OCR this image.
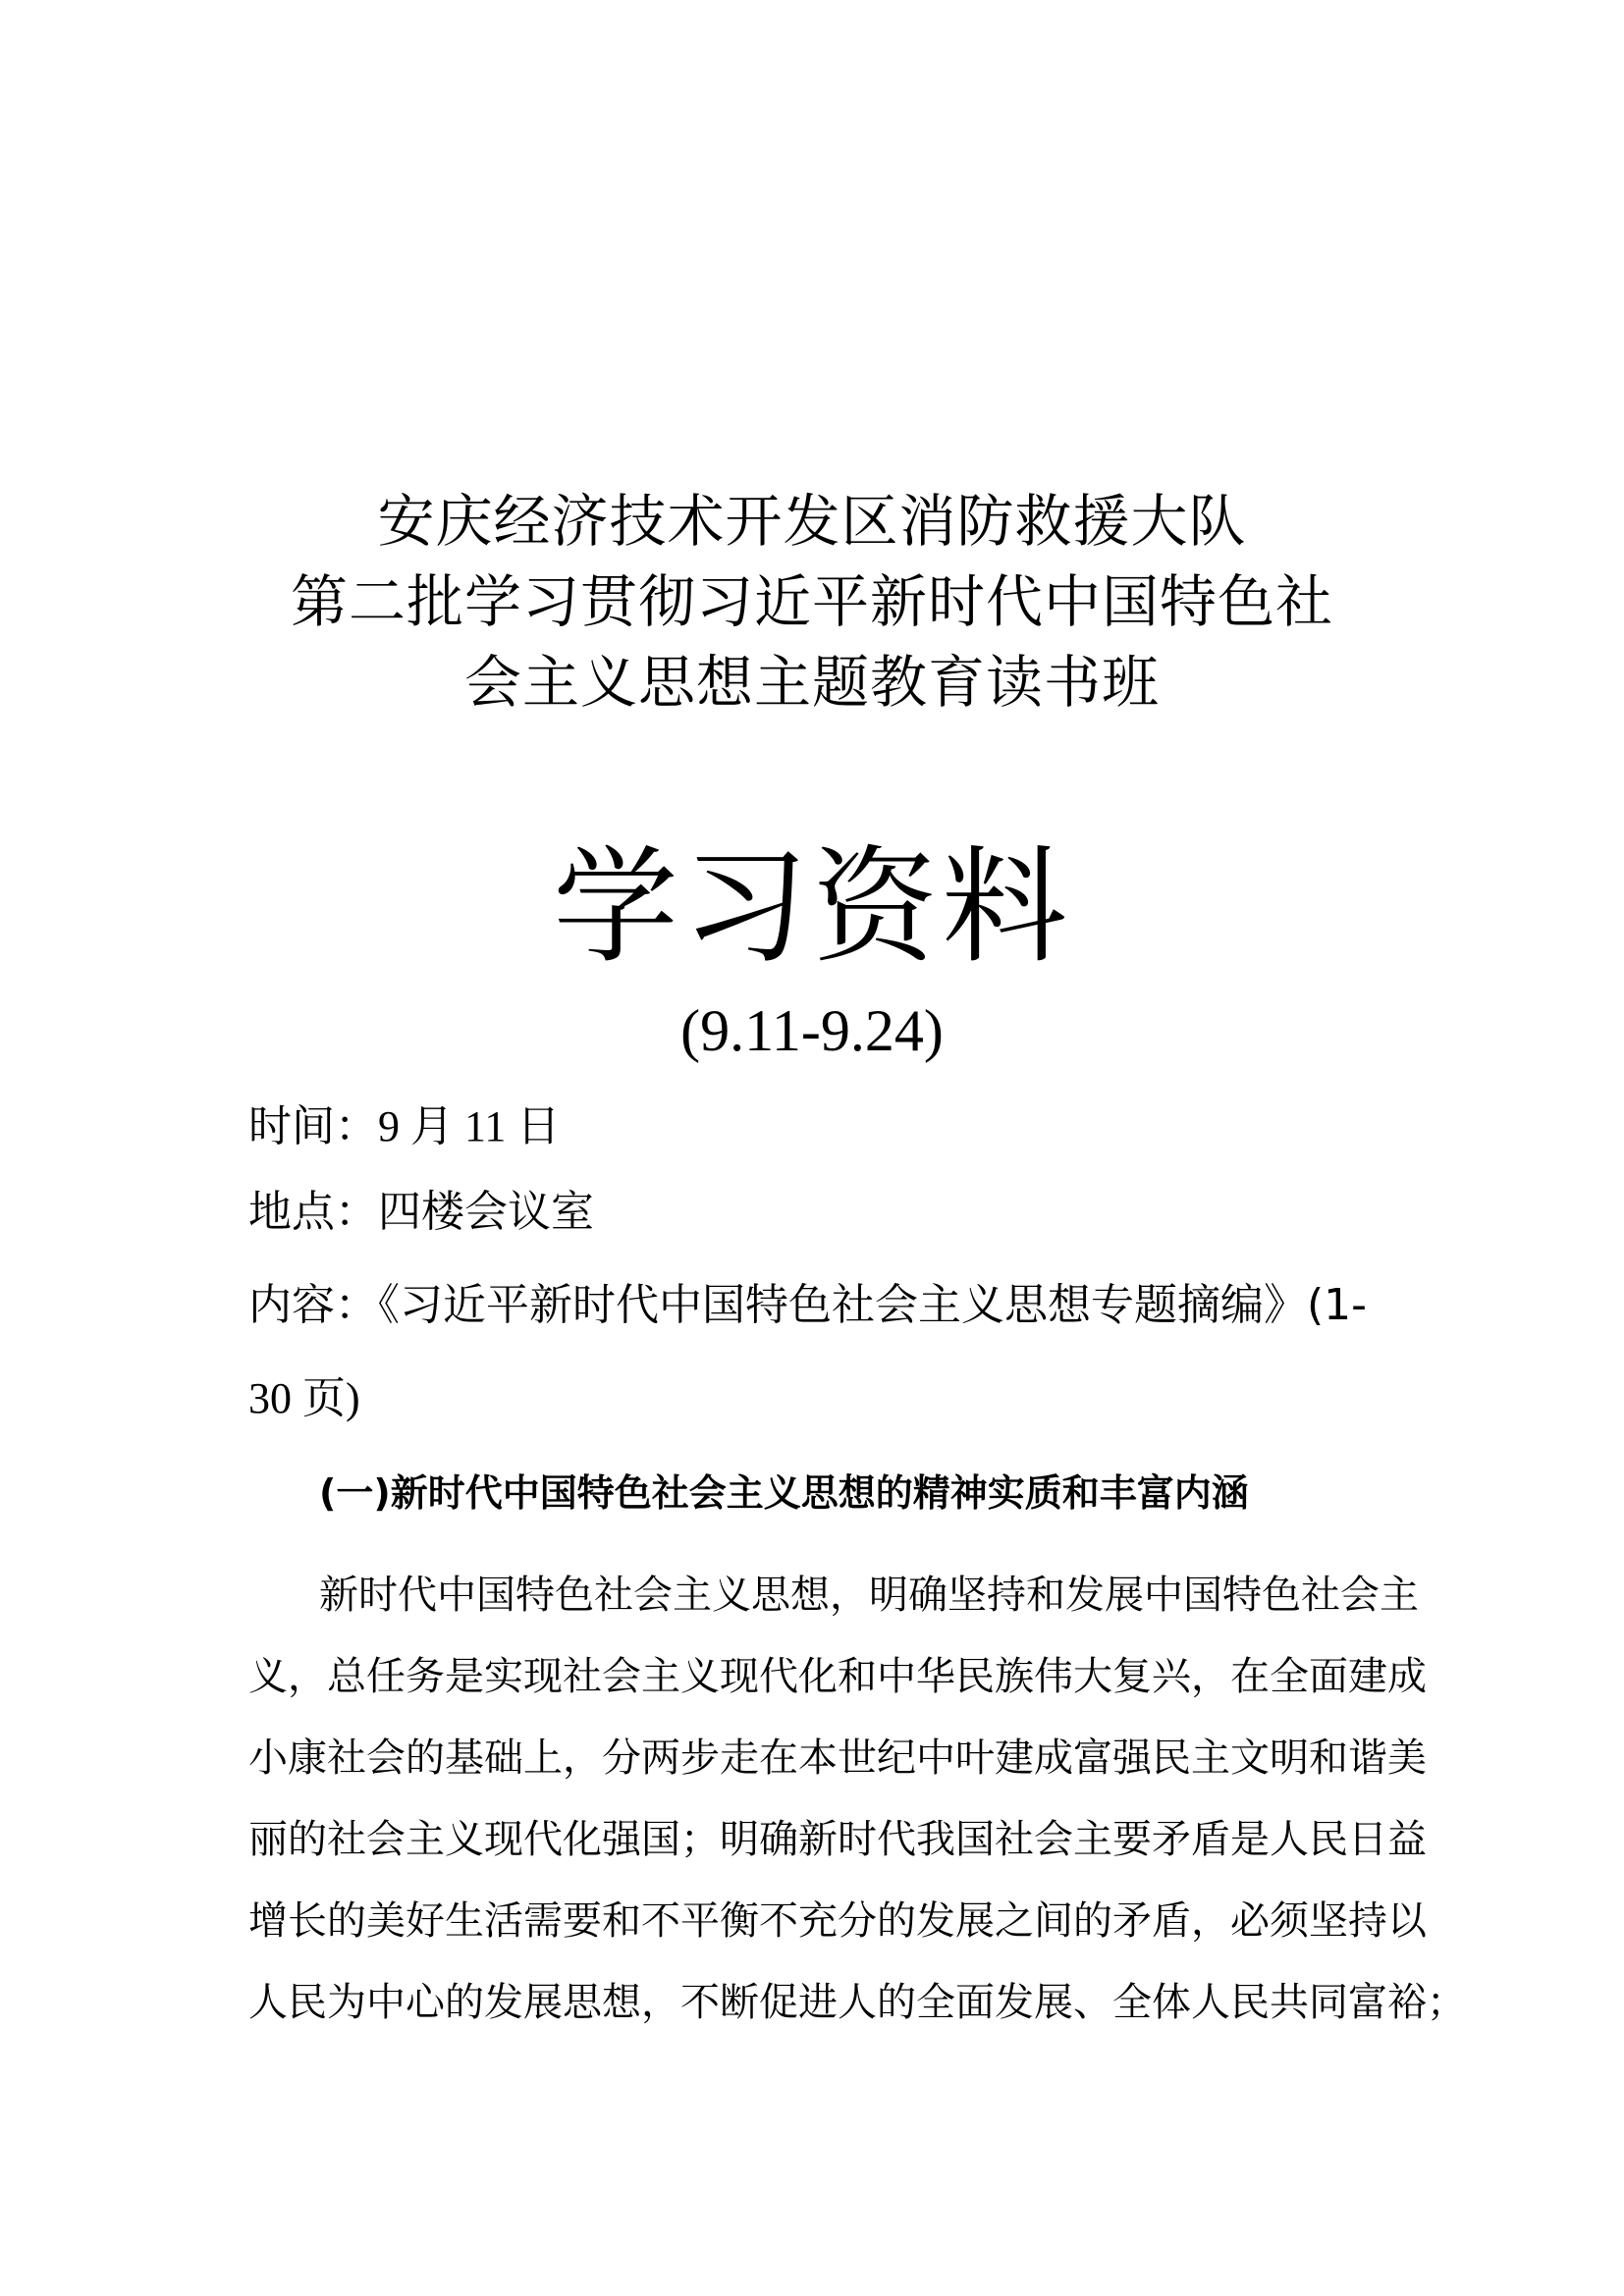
安庆经济技术开发区消防救援大队
第二批学习贯彻习近平新时代中国特色社
会主义思想主题教育读书班
学习资料
(9.11-9.24)
时间：9 月 11 日
地点：四楼会议室
内容：《习近平新时代中国特色社会主义思想专题摘编》(1-
30 页)
(一)新时代中国特色社会主义思想的精神实质和丰富内涵
新时代中国特色社会主义思想，明确坚持和发展中国特色社会主
义，总任务是实现社会主义现代化和中华民族伟大复兴，在全面建成
小康社会的基础上，分两步走在本世纪中叶建成富强民主文明和谐美
丽的社会主义现代化强国；明确新时代我国社会主要矛盾是人民日益
增长的美好生活需要和不平衡不充分的发展之间的矛盾，必须坚持以
人民为中心的发展思想，不断促进人的全面发展、全体人民共同富裕；
